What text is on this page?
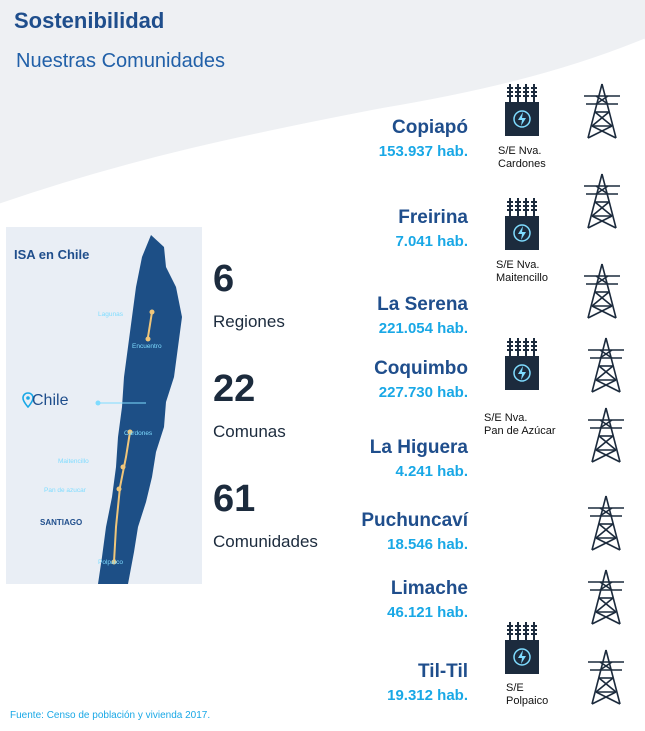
Sostenibilidad
Nuestras Comunidades
ISA en Chile
Lagunas
Encuentro
Cardones
Maitencillo
Pan de azucar
Polpaico
Chile
SANTIAGO
6
Regiones
22
Comunas
61
Comunidades
Copiapó
153.937 hab.
Freirina
7.041 hab.
La Serena
221.054 hab.
Coquimbo
227.730 hab.
La Higuera
4.241 hab.
Puchuncaví
18.546 hab.
Limache
46.121 hab.
Til-Til
19.312 hab.
S/E Nva.
Cardones
S/E Nva.
Maitencillo
S/E Nva.
Pan de Azúcar
S/E
Polpaico
Fuente: Censo de población y vivienda 2017.
